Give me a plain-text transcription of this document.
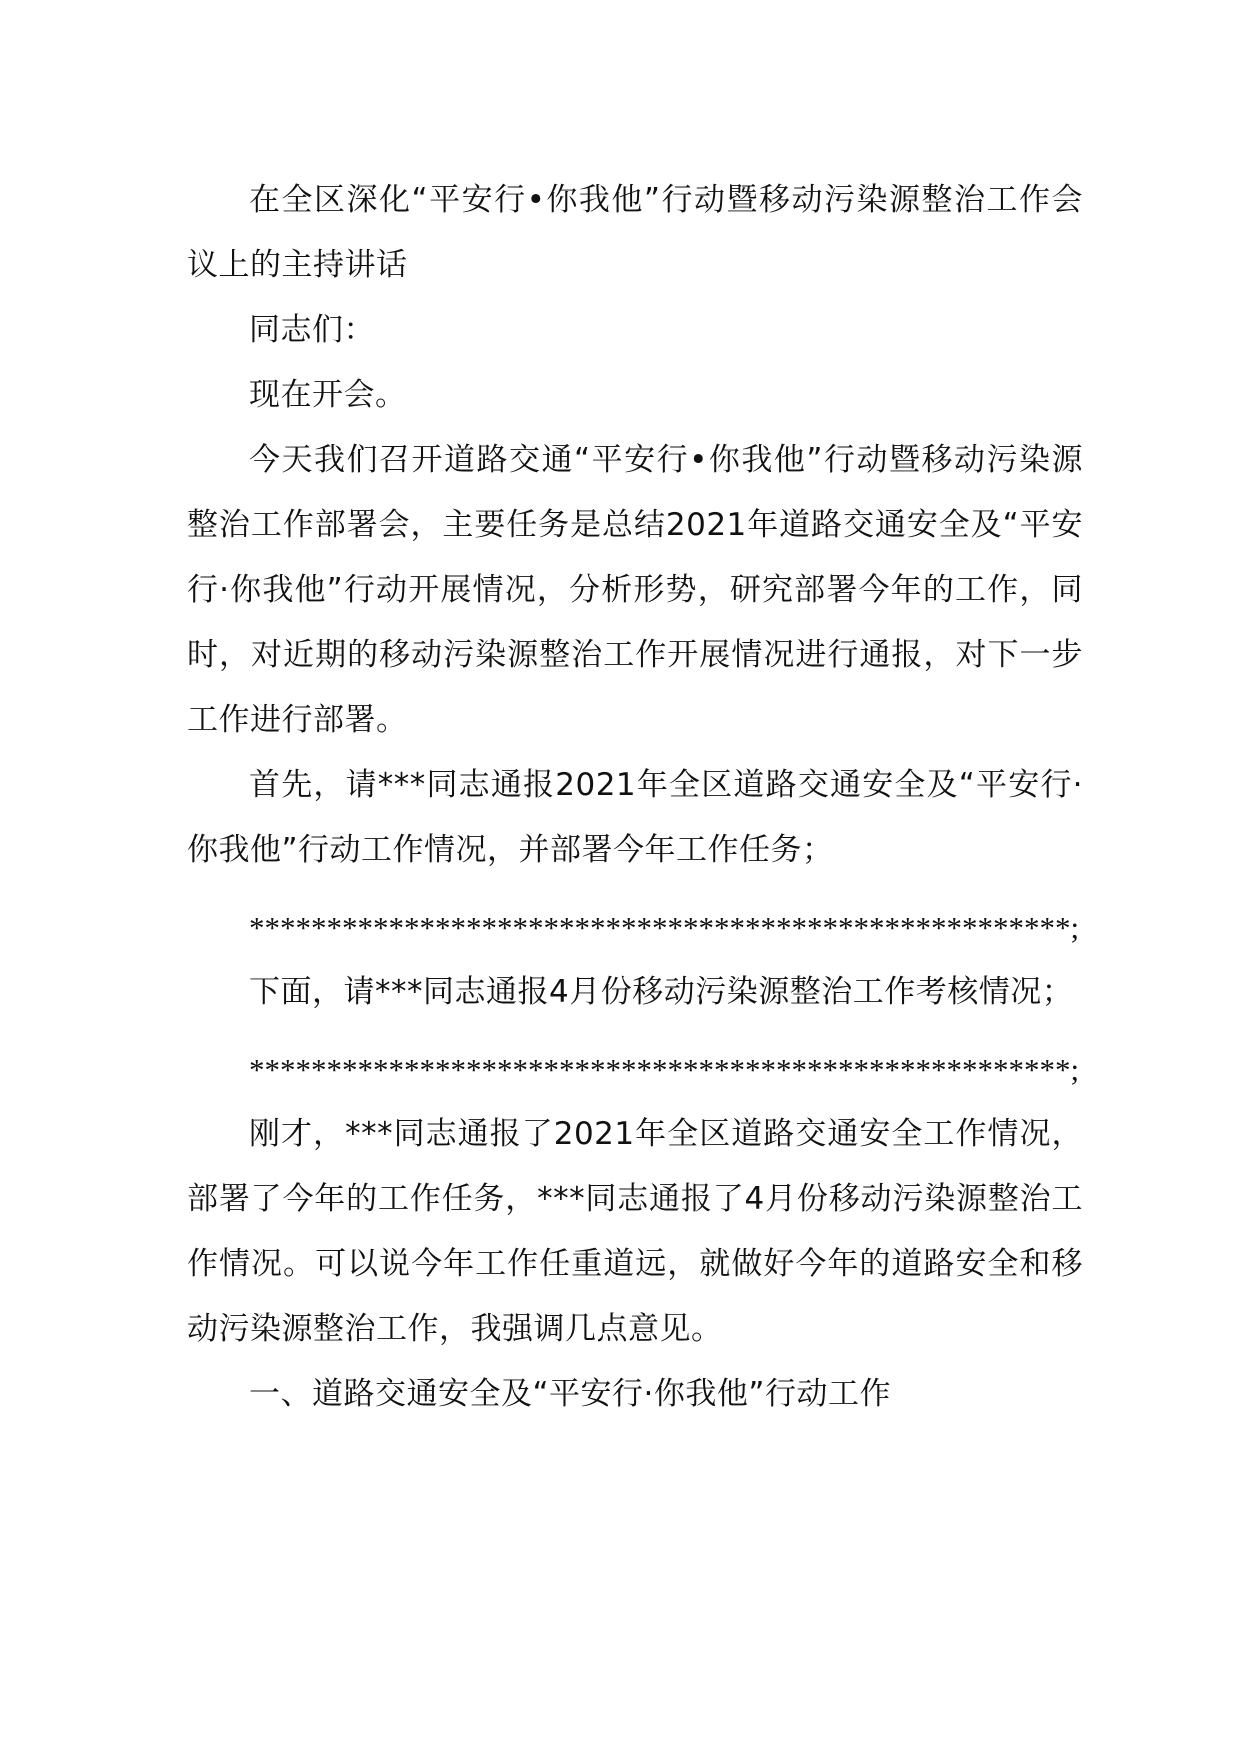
在全区深化“平安行•你我他”行动暨移动污染源整治工作会议上的主持讲话

同志们：

现在开会。

今天我们召开道路交通“平安行•你我他”行动暨移动污染源整治工作部署会，主要任务是总结2021年道路交通安全及“平安行·你我他”行动开展情况，分析形势，研究部署今年的工作，同时，对近期的移动污染源整治工作开展情况进行通报，对下一步工作进行部署。

首先，请***同志通报2021年全区道路交通安全及“平安行·你我他”行动工作情况，并部署今年工作任务；

*****************************************************;

下面，请***同志通报4月份移动污染源整治工作考核情况；

*****************************************************;

刚才，***同志通报了2021年全区道路交通安全工作情况，部署了今年的工作任务，***同志通报了4月份移动污染源整治工作情况。可以说今年工作任重道远，就做好今年的道路安全和移动污染源整治工作，我强调几点意见。

一、道路交通安全及“平安行·你我他”行动工作
